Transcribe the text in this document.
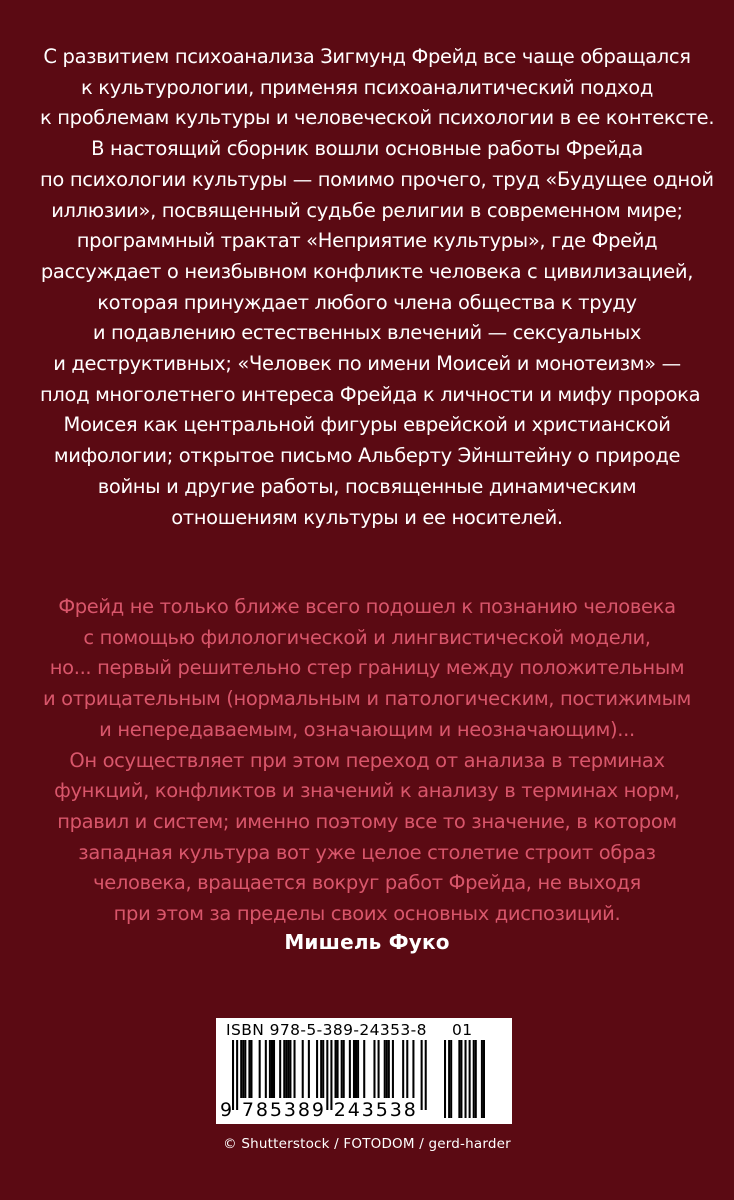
С развитием психоанализа Зигмунд Фрейд все чаще обращался
к культурологии, применяя психоаналитический подход
к проблемам культуры и человеческой психологии в ее контексте.
В настоящий сборник вошли основные работы Фрейда
по психологии культуры — помимо прочего, труд «Будущее одной
иллюзии», посвященный судьбе религии в современном мире;
программный трактат «Неприятие культуры», где Фрейд
рассуждает о неизбывном конфликте человека с цивилизацией,
которая принуждает любого члена общества к труду
и подавлению естественных влечений — сексуальных
и деструктивных; «Человек по имени Моисей и монотеизм» —
плод многолетнего интереса Фрейда к личности и мифу пророка
Моисея как центральной фигуры еврейской и христианской
мифологии; открытое письмо Альберту Эйнштейну о природе
войны и другие работы, посвященные динамическим
отношениям культуры и ее носителей.
Фрейд не только ближе всего подошел к познанию человека
с помощью филологической и лингвистической модели,
но... первый решительно стер границу между положительным
и отрицательным (нормальным и патологическим, постижимым
и непередаваемым, означающим и неозначающим)...
Он осуществляет при этом переход от анализа в терминах
функций, конфликтов и значений к анализу в терминах норм,
правил и систем; именно поэтому все то значение, в котором
западная культура вот уже целое столетие строит образ
человека, вращается вокруг работ Фрейда, не выходя
при этом за пределы своих основных диспозиций.
Мишель Фуко
ISBN 978-5-389-24353-8 01
9 785389 243538
© Shutterstock / FOTODOM / gerd-harder
